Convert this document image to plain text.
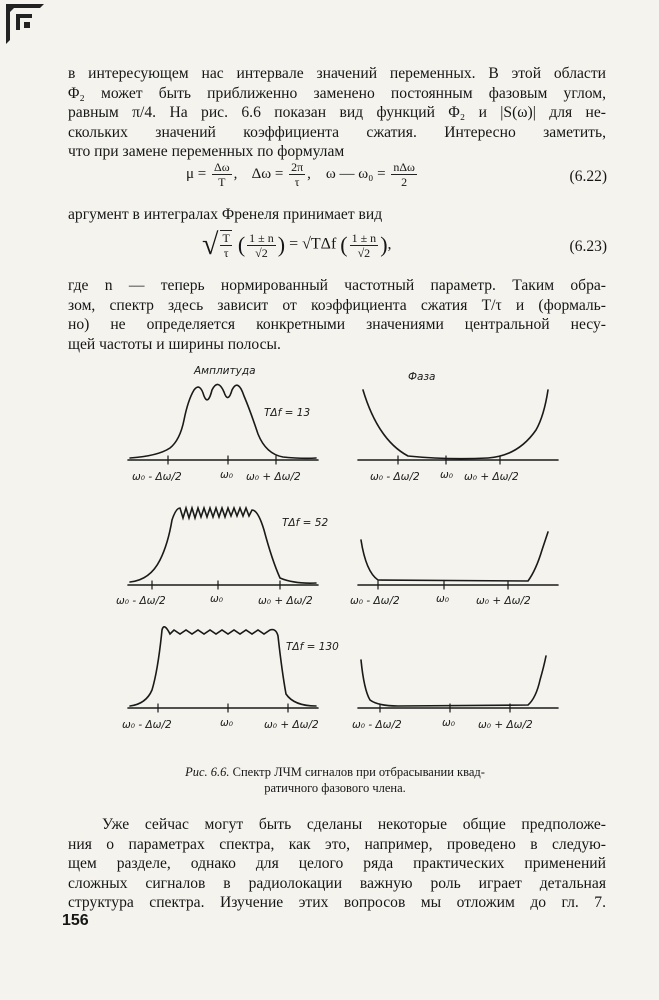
в интересующем нас интервале значений переменных. В этой области
Φ₂ может быть приближенно заменено постоянным фазовым углом,
равным π/4. На рис. 6.6 показан вид функций Φ₂ и |S(ω)| для не-
скольких значений коэффициента сжатия. Интересно заметить,
что при замене переменных по формулам

$\mu = \frac{\Delta\omega}{T}$ ,    $\Delta\omega = \frac{2\pi}{\tau}$ ,    ω — $\omega_0 = \frac{\text{nΔω}}{2}$	(6.22)

аргумент в интегралах Френеля принимает вид

√ $\frac{T}{\tau}$ ( $\frac{1 \pm n}{√2}$ ) = √TΔf ( $\frac{1 \pm n}{√2}$ ),	(6.23)

где n — теперь нормированный частотный параметр. Таким обра-
зом, спектр здесь зависит от коэффициента сжатия T/τ и (формаль-
но) не определяется конкретными значениями центральной несу-
щей частоты и ширины полосы.

Амплитуда	Фаза
TΔf = 13
TΔf = 52
TΔf = 130
ω₀ - Δω/2	ω₀ ω₀ + Δω/2	ω₀ - Δω/2 ω₀ ω₀ + Δω/2
ω₀ - Δω/2	ω₀	ω₀ + Δω/2	ω₀ - Δω/2	ω₀	ω₀ + Δω/2
ω₀ - Δω/2	ω₀	ω₀ + Δω/2	ω₀ - Δω/2	ω₀ ω₀ + Δω/2
Рис. 6.6. Спектр ЛЧМ сигналов при отбрасывании квад-
ратичного фазового члена.

Уже сейчас могут быть сделаны некоторые общие предположе-
ния о параметрах спектра, как это, например, проведено в следую-
щем разделе, однако для целого ряда практических применений
сложных сигналов в радиолокации важную роль играет детальная
структура спектра. Изучение этих вопросов мы отложим до гл. 7.

156
